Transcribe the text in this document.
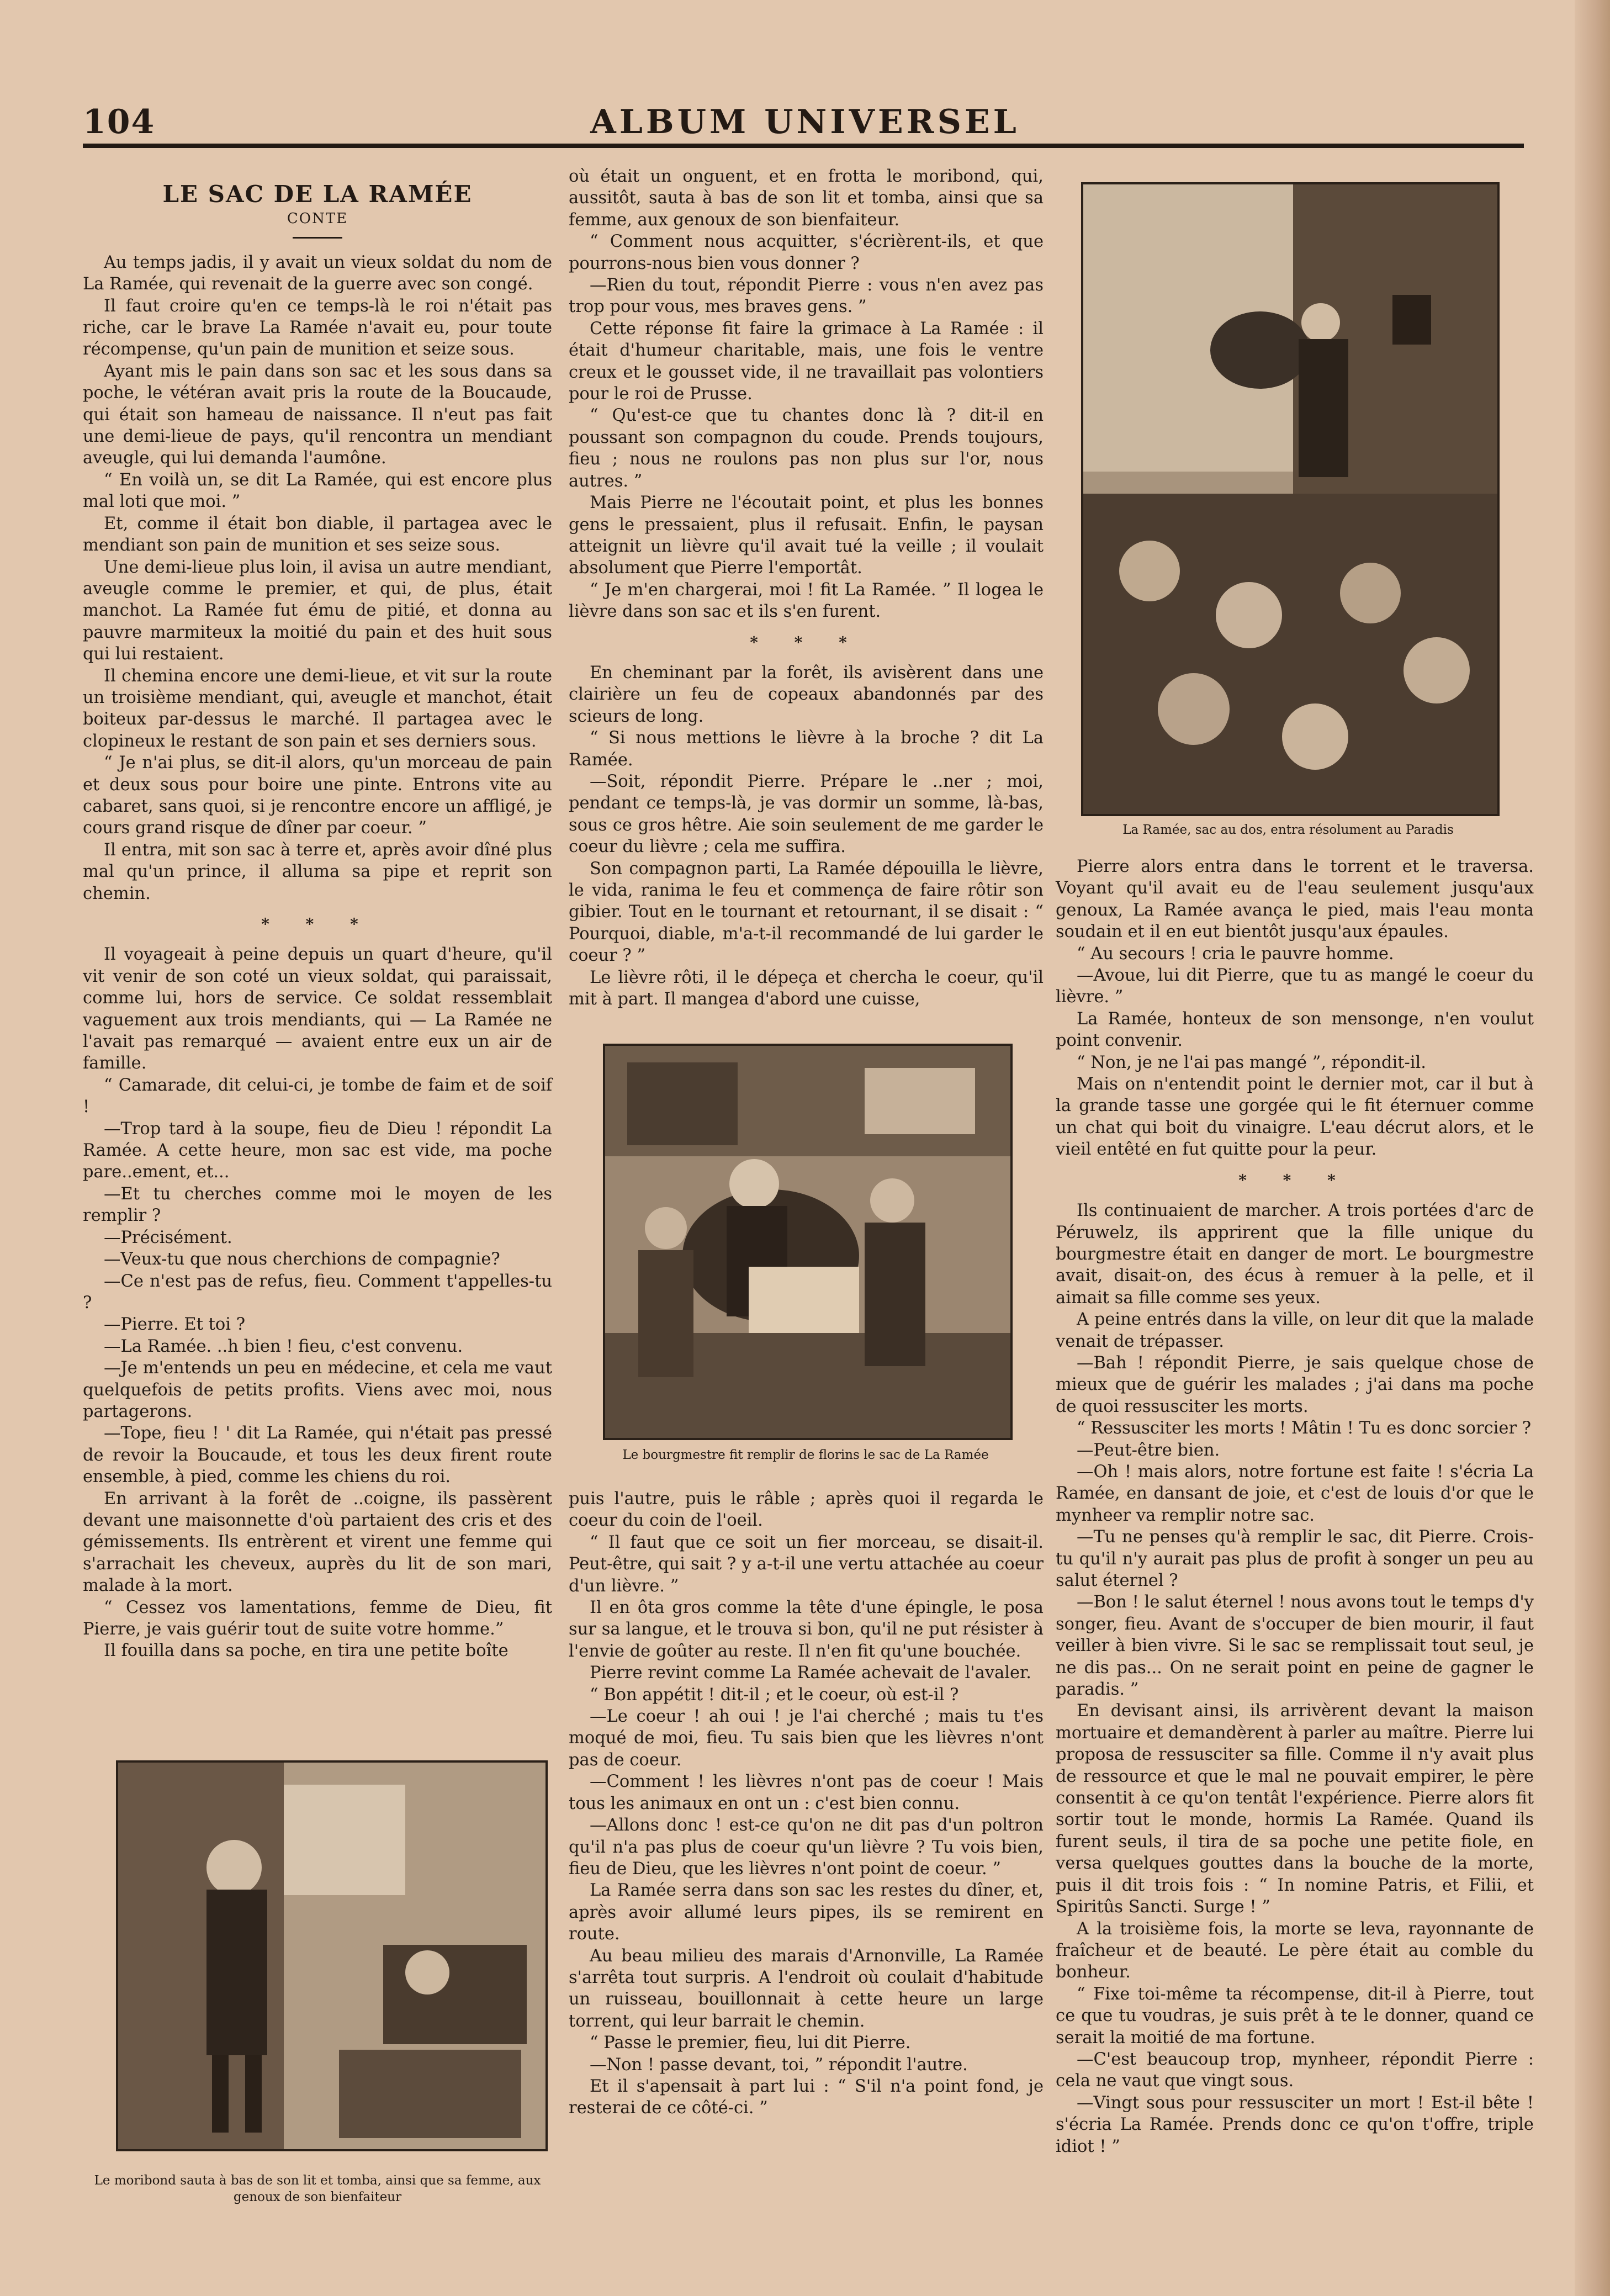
104	ALBUM UNIVERSEL
LE SAC DE LA RAMÉE
CONTE

Au temps jadis, il y avait un vieux soldat du nom de La Ramée, qui revenait de la guerre avec son congé.

Il faut croire qu'en ce temps-là le roi n'était pas riche, car le brave La Ramée n'avait eu, pour toute récompense, qu'un pain de munition et seize sous.

Ayant mis le pain dans son sac et les sous dans sa poche, le vétéran avait pris la route de la Boucaude, qui était son hameau de naissance. Il n'eut pas fait une demi-lieue de pays, qu'il rencontra un mendiant aveugle, qui lui demanda l'aumône.

“ En voilà un, se dit La Ramée, qui est encore plus mal loti que moi. ”

Et, comme il était bon diable, il partagea avec le mendiant son pain de munition et ses seize sous.

Une demi-lieue plus loin, il avisa un autre mendiant, aveugle comme le premier, et qui, de plus, était manchot. La Ramée fut ému de pitié, et donna au pauvre marmiteux la moitié du pain et des huit sous qui lui restaient.

Il chemina encore une demi-lieue, et vit sur la route un troisième mendiant, qui, aveugle et manchot, était boiteux par-dessus le marché. Il partagea avec le clopineux le restant de son pain et ses derniers sous.

“ Je n'ai plus, se dit-il alors, qu'un morceau de pain et deux sous pour boire une pinte. Entrons vite au cabaret, sans quoi, si je rencontre encore un affligé, je cours grand risque de dîner par coeur. ”

Il entra, mit son sac à terre et, après avoir dîné plus mal qu'un prince, il alluma sa pipe et reprit son chemin.

* * *

Il voyageait à peine depuis un quart d'heure, qu'il vit venir de son coté un vieux soldat, qui paraissait, comme lui, hors de service. Ce soldat ressemblait vaguement aux trois mendiants, qui — La Ramée ne l'avait pas remarqué — avaient entre eux un air de famille.

“ Camarade, dit celui-ci, je tombe de faim et de soif !

—Trop tard à la soupe, fieu de Dieu ! répondit La Ramée. A cette heure, mon sac est vide, ma poche pare..ement, et...

—Et tu cherches comme moi le moyen de les remplir ?

—Précisément.

—Veux-tu que nous cherchions de compagnie?

—Ce n'est pas de refus, fieu. Comment t'appelles-tu ?

—Pierre. Et toi ?

—La Ramée. ..h bien ! fieu, c'est convenu.

—Je m'entends un peu en médecine, et cela me vaut quelquefois de petits profits. Viens avec moi, nous partagerons.

—Tope, fieu ! ' dit La Ramée, qui n'était pas pressé de revoir la Boucaude, et tous les deux firent route ensemble, à pied, comme les chiens du roi.

En arrivant à la forêt de ..coigne, ils passèrent devant une maisonnette d'où partaient des cris et des gémissements. Ils entrèrent et virent une femme qui s'arrachait les cheveux, auprès du lit de son mari, malade à la mort.

“ Cessez vos lamentations, femme de Dieu, fit Pierre, je vais guérir tout de suite votre homme.”

Il fouilla dans sa poche, en tira une petite boîte

où était un onguent, et en frotta le moribond, qui, aussitôt, sauta à bas de son lit et tomba, ainsi que sa femme, aux genoux de son bienfaiteur.

“ Comment nous acquitter, s'écrièrent-ils, et que pourrons-nous bien vous donner ?

—Rien du tout, répondit Pierre : vous n'en avez pas trop pour vous, mes braves gens. ”

Cette réponse fit faire la grimace à La Ramée : il était d'humeur charitable, mais, une fois le ventre creux et le gousset vide, il ne travaillait pas volontiers pour le roi de Prusse.

“ Qu'est-ce que tu chantes donc là ? dit-il en poussant son compagnon du coude. Prends toujours, fieu ; nous ne roulons pas non plus sur l'or, nous autres. ”

Mais Pierre ne l'écoutait point, et plus les bonnes gens le pressaient, plus il refusait. Enfin, le paysan atteignit un lièvre qu'il avait tué la veille ; il voulait absolument que Pierre l'emportât.

“ Je m'en chargerai, moi ! fit La Ramée. ” Il logea le lièvre dans son sac et ils s'en furent.

* * *

En cheminant par la forêt, ils avisèrent dans une clairière un feu de copeaux abandonnés par des scieurs de long.

“ Si nous mettions le lièvre à la broche ? dit La Ramée.

—Soit, répondit Pierre. Prépare le ..ner ; moi, pendant ce temps-là, je vas dormir un somme, là-bas, sous ce gros hêtre. Aie soin seulement de me garder le coeur du lièvre ; cela me suffira.

Son compagnon parti, La Ramée dépouilla le lièvre, le vida, ranima le feu et commença de faire rôtir son gibier. Tout en le tournant et retournant, il se disait : “ Pourquoi, diable, m'a-t-il recommandé de lui garder le coeur ? ”

Le lièvre rôti, il le dépeça et chercha le coeur, qu'il mit à part. Il mangea d'abord une cuisse,

Le bourgmestre fit remplir de florins le sac de La Ramée

puis l'autre, puis le râble ; après quoi il regarda le coeur du coin de l'oeil.

“ Il faut que ce soit un fier morceau, se disait-il. Peut-être, qui sait ? y a-t-il une vertu attachée au coeur d'un lièvre. ”

Il en ôta gros comme la tête d'une épingle, le posa sur sa langue, et le trouva si bon, qu'il ne put résister à l'envie de goûter au reste. Il n'en fit qu'une bouchée.

Pierre revint comme La Ramée achevait de l'avaler.

“ Bon appétit ! dit-il ; et le coeur, où est-il ?

—Le coeur ! ah oui ! je l'ai cherché ; mais tu t'es moqué de moi, fieu. Tu sais bien que les lièvres n'ont pas de coeur.

—Comment ! les lièvres n'ont pas de coeur ! Mais tous les animaux en ont un : c'est bien connu.

—Allons donc ! est-ce qu'on ne dit pas d'un poltron qu'il n'a pas plus de coeur qu'un lièvre ? Tu vois bien, fieu de Dieu, que les lièvres n'ont point de coeur. ”

La Ramée serra dans son sac les restes du dîner, et, après avoir allumé leurs pipes, ils se remirent en route.

Au beau milieu des marais d'Arnonville, La Ramée s'arrêta tout surpris. A l'endroit où coulait d'habitude un ruisseau, bouillonnait à cette heure un large torrent, qui leur barrait le chemin.

“ Passe le premier, fieu, lui dit Pierre.

—Non ! passe devant, toi, ” répondit l'autre.

Et il s'apensait à part lui : “ S'il n'a point fond, je resterai de ce côté-ci. ”

La Ramée, sac au dos, entra résolument au Paradis

Pierre alors entra dans le torrent et le traversa. Voyant qu'il avait eu de l'eau seulement jusqu'aux genoux, La Ramée avança le pied, mais l'eau monta soudain et il en eut bientôt jusqu'aux épaules.

“ Au secours ! cria le pauvre homme.

—Avoue, lui dit Pierre, que tu as mangé le coeur du lièvre. ”

La Ramée, honteux de son mensonge, n'en voulut point convenir.

“ Non, je ne l'ai pas mangé ”, répondit-il.

Mais on n'entendit point le dernier mot, car il but à la grande tasse une gorgée qui le fit éternuer comme un chat qui boit du vinaigre. L'eau décrut alors, et le vieil entêté en fut quitte pour la peur.

* * *

Ils continuaient de marcher. A trois portées d'arc de Péruwelz, ils apprirent que la fille unique du bourgmestre était en danger de mort. Le bourgmestre avait, disait-on, des écus à remuer à la pelle, et il aimait sa fille comme ses yeux.

A peine entrés dans la ville, on leur dit que la malade venait de trépasser.

—Bah ! répondit Pierre, je sais quelque chose de mieux que de guérir les malades ; j'ai dans ma poche de quoi ressusciter les morts.

“ Ressusciter les morts ! Mâtin ! Tu es donc sorcier ?

—Peut-être bien.

—Oh ! mais alors, notre fortune est faite ! s'écria La Ramée, en dansant de joie, et c'est de louis d'or que le mynheer va remplir notre sac.

—Tu ne penses qu'à remplir le sac, dit Pierre. Crois-tu qu'il n'y aurait pas plus de profit à songer un peu au salut éternel ?

—Bon ! le salut éternel ! nous avons tout le temps d'y songer, fieu. Avant de s'occuper de bien mourir, il faut veiller à bien vivre. Si le sac se remplissait tout seul, je ne dis pas... On ne serait point en peine de gagner le paradis. ”

En devisant ainsi, ils arrivèrent devant la maison mortuaire et demandèrent à parler au maître. Pierre lui proposa de ressusciter sa fille. Comme il n'y avait plus de ressource et que le mal ne pouvait empirer, le père consentit à ce qu'on tentât l'expérience. Pierre alors fit sortir tout le monde, hormis La Ramée. Quand ils furent seuls, il tira de sa poche une petite fiole, en versa quelques gouttes dans la bouche de la morte, puis il dit trois fois : “ In nomine Patris, et Filii, et Spiritûs Sancti. Surge ! ”

A la troisième fois, la morte se leva, rayonnante de fraîcheur et de beauté. Le père était au comble du bonheur.

“ Fixe toi-même ta récompense, dit-il à Pierre, tout ce que tu voudras, je suis prêt à te le donner, quand ce serait la moitié de ma fortune.

—C'est beaucoup trop, mynheer, répondit Pierre : cela ne vaut que vingt sous.

—Vingt sous pour ressusciter un mort ! Est-il bête ! s'écria La Ramée. Prends donc ce qu'on t'offre, triple idiot ! ”

Le moribond sauta à bas de son lit et tomba, ainsi que sa femme, aux genoux de son bienfaiteur
